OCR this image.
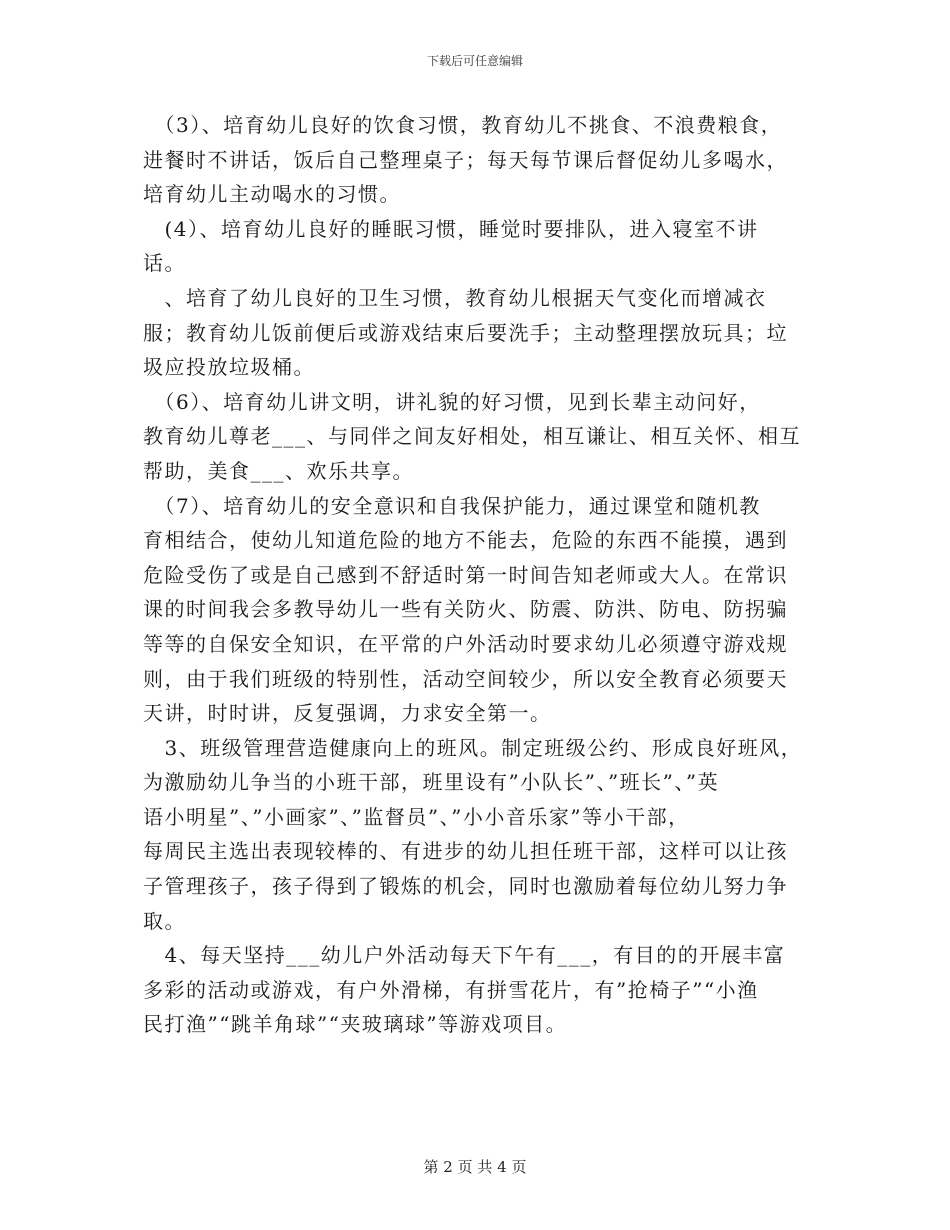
下载后可任意编辑

　（3）、培育幼儿良好的饮食习惯，教育幼儿不挑食、不浪费粮食，
进餐时不讲话，饭后自己整理桌子；每天每节课后督促幼儿多喝水，
培育幼儿主动喝水的习惯。

　(4）、培育幼儿良好的睡眠习惯，睡觉时要排队，进入寝室不讲
话。

　、培育了幼儿良好的卫生习惯，教育幼儿根据天气变化而增减衣
服；教育幼儿饭前便后或游戏结束后要洗手；主动整理摆放玩具；垃
圾应投放垃圾桶。

　（6）、培育幼儿讲文明，讲礼貌的好习惯，见到长辈主动问好，
教育幼儿尊老___、与同伴之间友好相处，相互谦让、相互关怀、相互
帮助，美食___、欢乐共享。

　（7）、培育幼儿的安全意识和自我保护能力，通过课堂和随机教
育相结合，使幼儿知道危险的地方不能去，危险的东西不能摸，遇到
危险受伤了或是自己感到不舒适时第一时间告知老师或大人。在常识
课的时间我会多教导幼儿一些有关防火、防震、防洪、防电、防拐骗
等等的自保安全知识，在平常的户外活动时要求幼儿必须遵守游戏规
则，由于我们班级的特别性，活动空间较少，所以安全教育必须要天
天讲，时时讲，反复强调，力求安全第一。

　3、班级管理营造健康向上的班风。制定班级公约、形成良好班风，
为激励幼儿争当的小班干部，班里设有”小队长”、”班长”、”英
语小明星”、”小画家”、”监督员”、”小小音乐家”等小干部，
每周民主选出表现较棒的、有进步的幼儿担任班干部，这样可以让孩
子管理孩子，孩子得到了锻炼的机会，同时也激励着每位幼儿努力争
取。

　4、每天坚持___幼儿户外活动每天下午有___，有目的的开展丰富
多彩的活动或游戏，有户外滑梯，有拼雪花片，有”抢椅子”“小渔
民打渔”“跳羊角球”“夹玻璃球”等游戏项目。

第 2 页 共 4 页
